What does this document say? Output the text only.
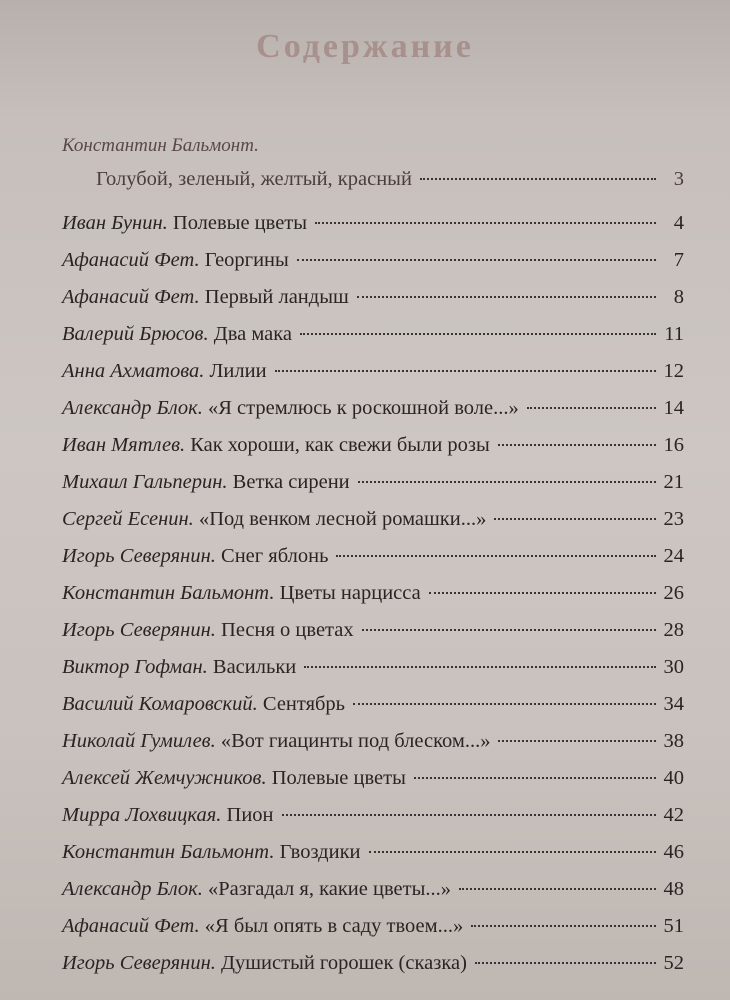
Содержание
Константин Бальмонт.
Голубой, зеленый, желтый, красный	3
Иван Бунин.
Полевые цветы	4
Афанасий Фет.
Георгины	7
Афанасий Фет.
Первый ландыш	8
Валерий Брюсов.
Два мака	11
Анна Ахматова.
Лилии	12
Александр Блок.
«Я стремлюсь к роскошной воле...»	14
Иван Мятлев.
Как хороши, как свежи были розы	16
Михаил Гальперин.
Ветка сирени	21
Сергей Есенин.
«Под венком лесной ромашки...»	23
Игорь Северянин.
Снег яблонь	24
Константин Бальмонт.
Цветы нарцисса	26
Игорь Северянин.
Песня о цветах	28
Виктор Гофман.
Васильки	30
Василий Комаровский.
Сентябрь	34
Николай Гумилев.
«Вот гиацинты под блеском...»	38
Алексей Жемчужников.
Полевые цветы	40
Мирра Лохвицкая.
Пион	42
Константин Бальмонт.
Гвоздики	46
Александр Блок.
«Разгадал я, какие цветы...»	48
Афанасий Фет.
«Я был опять в саду твоем...»	51
Игорь Северянин.
Душистый горошек (сказка)	52
